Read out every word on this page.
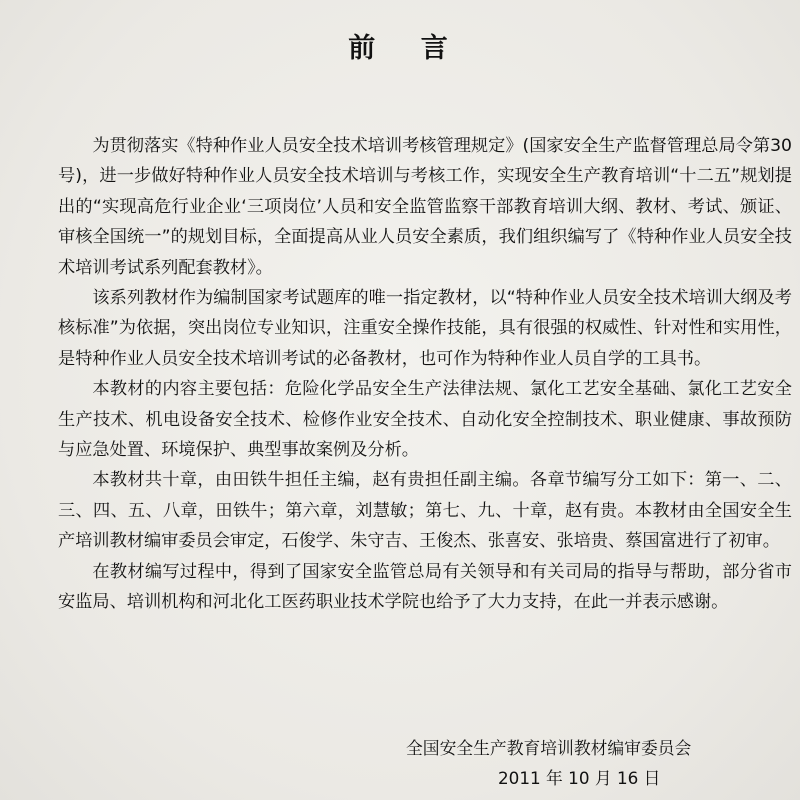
前 言

为贯彻落实《特种作业人员安全技术培训考核管理规定》(国家安全生产监督管理总局令第30号)，进一步做好特种作业人员安全技术培训与考核工作，实现安全生产教育培训“十二五”规划提出的“实现高危行业企业‘三项岗位’人员和安全监管监察干部教育培训大纲、教材、考试、颁证、审核全国统一”的规划目标，全面提高从业人员安全素质，我们组织编写了《特种作业人员安全技术培训考试系列配套教材》。

该系列教材作为编制国家考试题库的唯一指定教材，以“特种作业人员安全技术培训大纲及考核标准”为依据，突出岗位专业知识，注重安全操作技能，具有很强的权威性、针对性和实用性，是特种作业人员安全技术培训考试的必备教材，也可作为特种作业人员自学的工具书。

本教材的内容主要包括：危险化学品安全生产法律法规、氯化工艺安全基础、氯化工艺安全生产技术、机电设备安全技术、检修作业安全技术、自动化安全控制技术、职业健康、事故预防与应急处置、环境保护、典型事故案例及分析。

本教材共十章，由田铁牛担任主编，赵有贵担任副主编。各章节编写分工如下：第一、二、三、四、五、八章，田铁牛；第六章，刘慧敏；第七、九、十章，赵有贵。本教材由全国安全生产培训教材编审委员会审定，石俊学、朱守吉、王俊杰、张喜安、张培贵、蔡国富进行了初审。

在教材编写过程中，得到了国家安全监管总局有关领导和有关司局的指导与帮助，部分省市安监局、培训机构和河北化工医药职业技术学院也给予了大力支持，在此一并表示感谢。

全国安全生产教育培训教材编审委员会
2011 年 10 月 16 日
